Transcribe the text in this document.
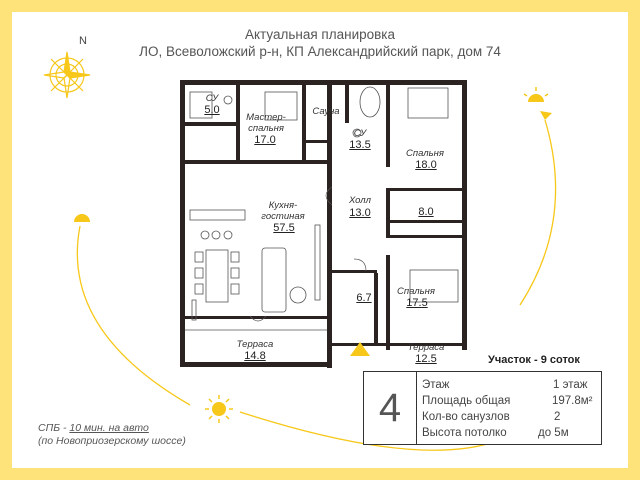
Актуальная планировка
ЛО, Всеволожский р-н, КП Александрийский парк, дом 74
N
СУ
5.0
Мастер-
спальня
17.0
Сауна
СУ
13.5
Спальня
18.0
Кухня-
гостиная
57.5
Холл
13.0	8.0
6.7
Спальня
17.5
Терраса
14.8
Терраса
12.5	Участок - 9 соток
СПБ - 10 мин. на авто
(по Новоприозерскому шоссе)
4
Этаж	1 этаж
Площадь общая	197.8м²
Кол-во санузлов	2
Высота потолко	до 5м
